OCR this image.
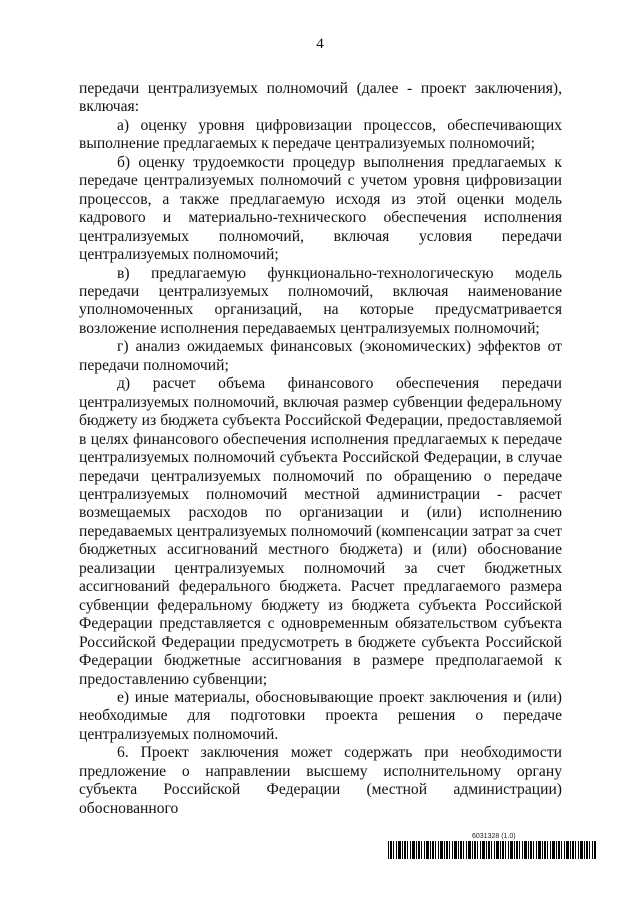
4

передачи централизуемых полномочий (далее - проект заключения), включая:

а) оценку уровня цифровизации процессов, обеспечивающих выполнение предлагаемых к передаче централизуемых полномочий;

б) оценку трудоемкости процедур выполнения предлагаемых к передаче централизуемых полномочий с учетом уровня цифровизации процессов, а также предлагаемую исходя из этой оценки модель кадрового и материально-технического обеспечения исполнения централизуемых полномочий, включая условия передачи централизуемых полномочий;

в) предлагаемую функционально-технологическую модель передачи централизуемых полномочий, включая наименование уполномоченных организаций, на которые предусматривается возложение исполнения передаваемых централизуемых полномочий;

г) анализ ожидаемых финансовых (экономических) эффектов от передачи полномочий;

д) расчет объема финансового обеспечения передачи централизуемых полномочий, включая размер субвенции федеральному бюджету из бюджета субъекта Российской Федерации, предоставляемой в целях финансового обеспечения исполнения предлагаемых к передаче централизуемых полномочий субъекта Российской Федерации, в случае передачи централизуемых полномочий по обращению о передаче централизуемых полномочий местной администрации - расчет возмещаемых расходов по организации и (или) исполнению передаваемых централизуемых полномочий (компенсации затрат за счет бюджетных ассигнований местного бюджета) и (или) обоснование реализации централизуемых полномочий за счет бюджетных ассигнований федерального бюджета. Расчет предлагаемого размера субвенции федеральному бюджету из бюджета субъекта Российской Федерации представляется с одновременным обязательством субъекта Российской Федерации предусмотреть в бюджете субъекта Российской Федерации бюджетные ассигнования в размере предполагаемой к предоставлению субвенции;

е) иные материалы, обосновывающие проект заключения и (или) необходимые для подготовки проекта решения о передаче централизуемых полномочий.

6. Проект заключения может содержать при необходимости предложение о направлении высшему исполнительному органу субъекта Российской Федерации (местной администрации) обоснованного

6031328 (1.0)
